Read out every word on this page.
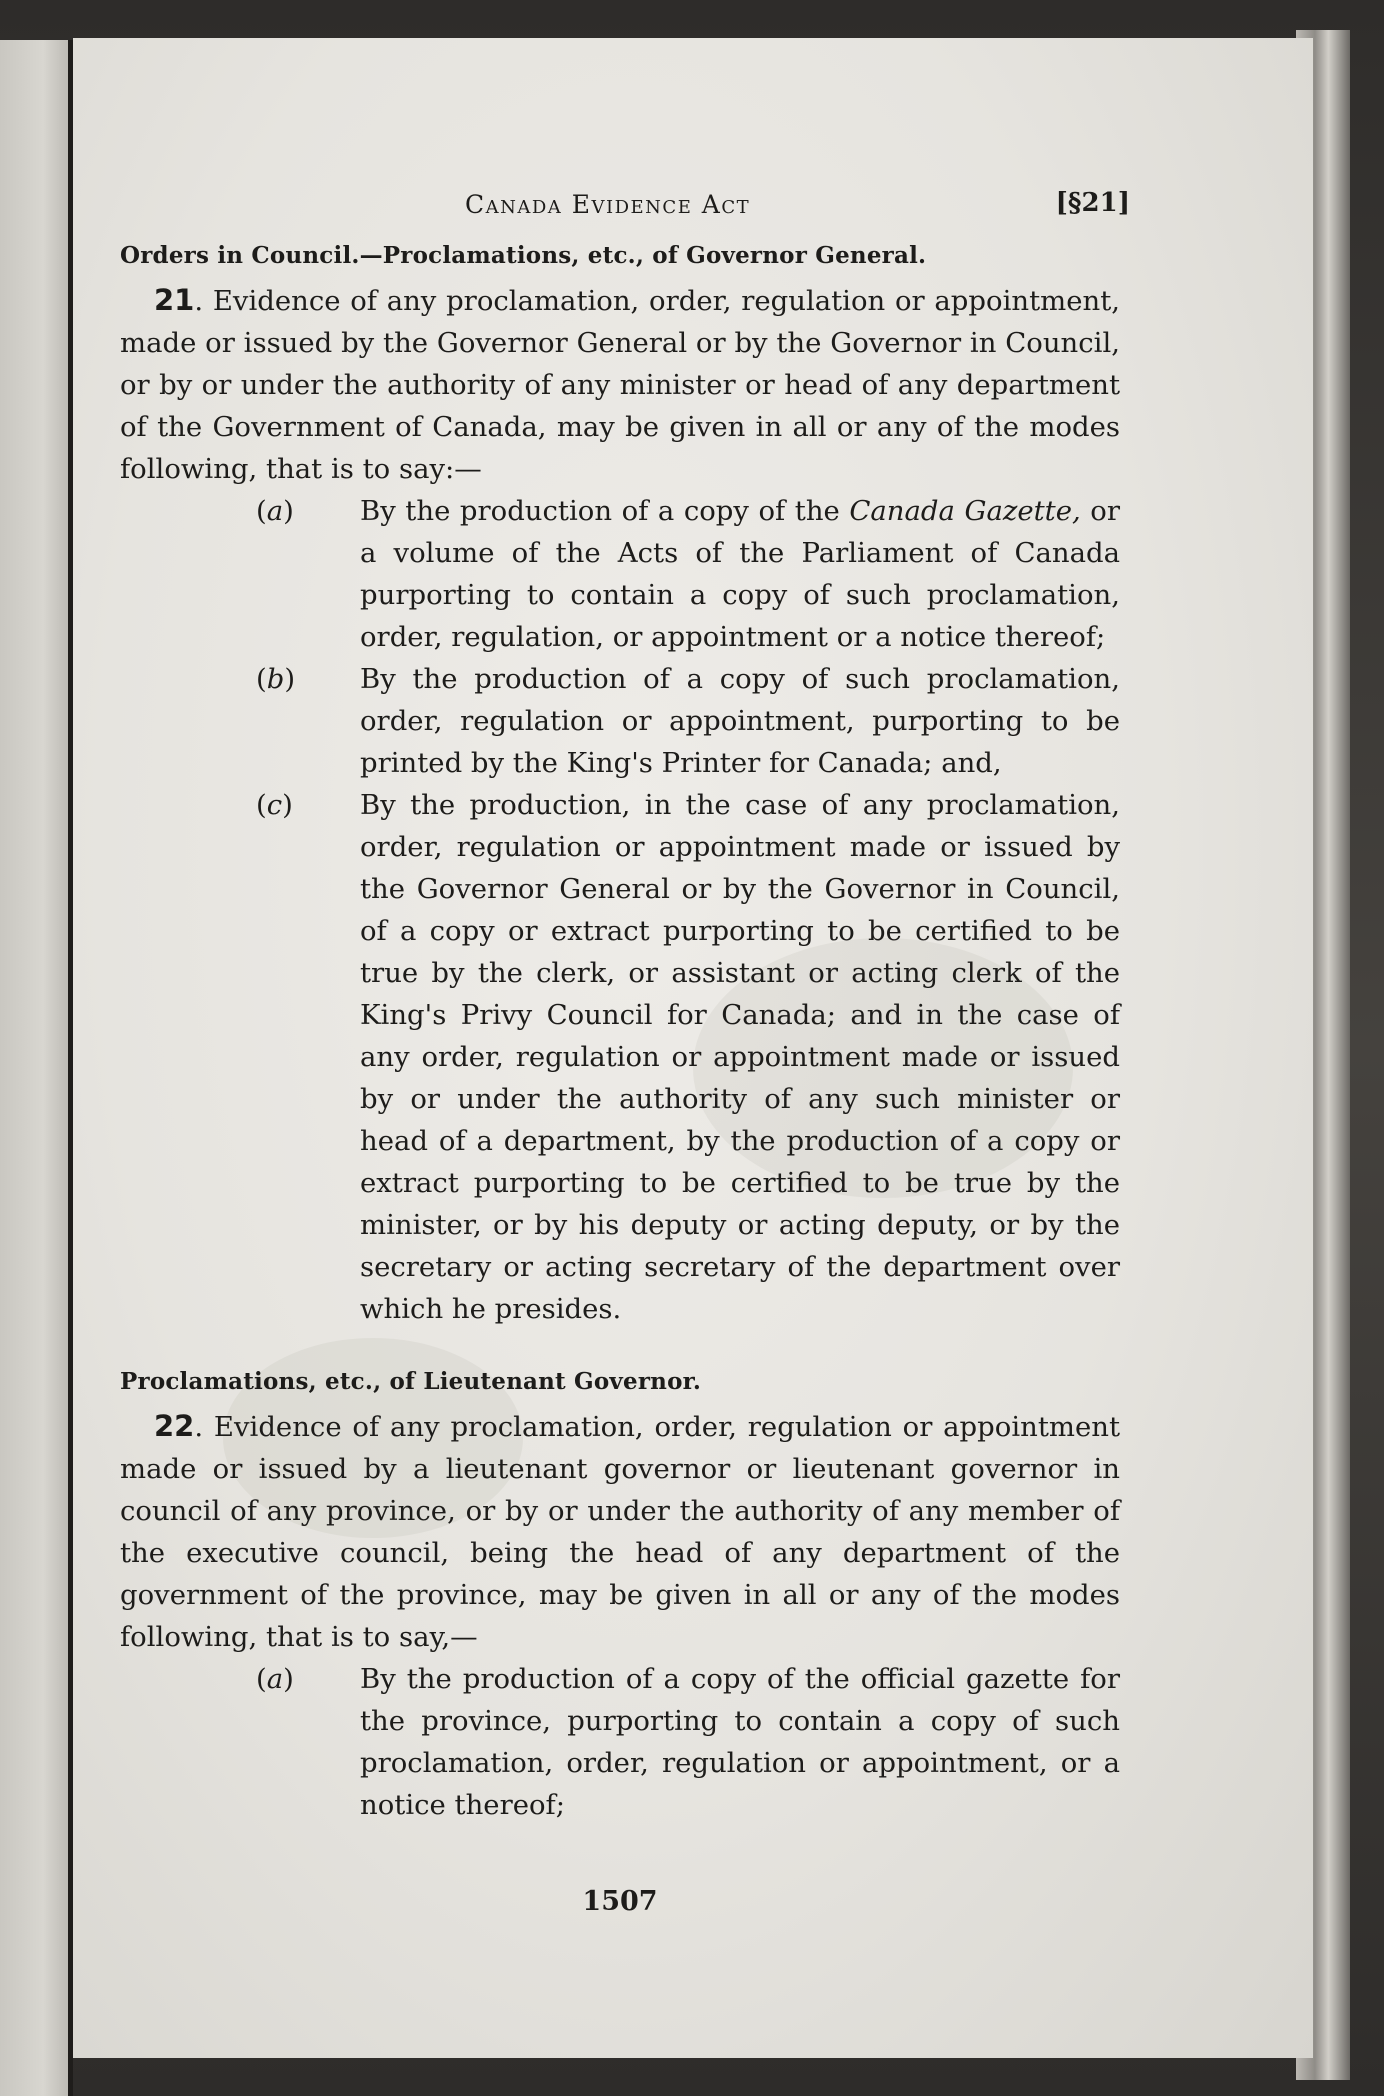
Canada Evidence Act	[§21]
Orders in Council.—Proclamations, etc., of Governor General.

21. Evidence of any proclamation, order, regulation or appointment, made or issued by the Governor General or by the Governor in Council, or by or under the authority of any minister or head of any department of the Government of Canada, may be given in all or any of the modes following, that is to say:—

(a) By the production of a copy of the Canada Gazette, or a volume of the Acts of the Parliament of Canada purporting to contain a copy of such proclamation, order, regulation, or appointment or a notice thereof;

(b) By the production of a copy of such proclamation, order, regulation or appointment, purporting to be printed by the King's Printer for Canada; and,

(c) By the production, in the case of any proclamation, order, regulation or appointment made or issued by the Governor General or by the Governor in Council, of a copy or extract purporting to be certified to be true by the clerk, or assistant or acting clerk of the King's Privy Council for Canada; and in the case of any order, regulation or appointment made or issued by or under the authority of any such minister or head of a department, by the production of a copy or extract purporting to be certified to be true by the minister, or by his deputy or acting deputy, or by the secretary or acting secretary of the department over which he presides.

Proclamations, etc., of Lieutenant Governor.

22. Evidence of any proclamation, order, regulation or appointment made or issued by a lieutenant governor or lieutenant governor in council of any province, or by or under the authority of any member of the executive council, being the head of any department of the government of the province, may be given in all or any of the modes following, that is to say,—

(a) By the production of a copy of the official gazette for the province, purporting to contain a copy of such proclamation, order, regulation or appointment, or a notice thereof;

1507
